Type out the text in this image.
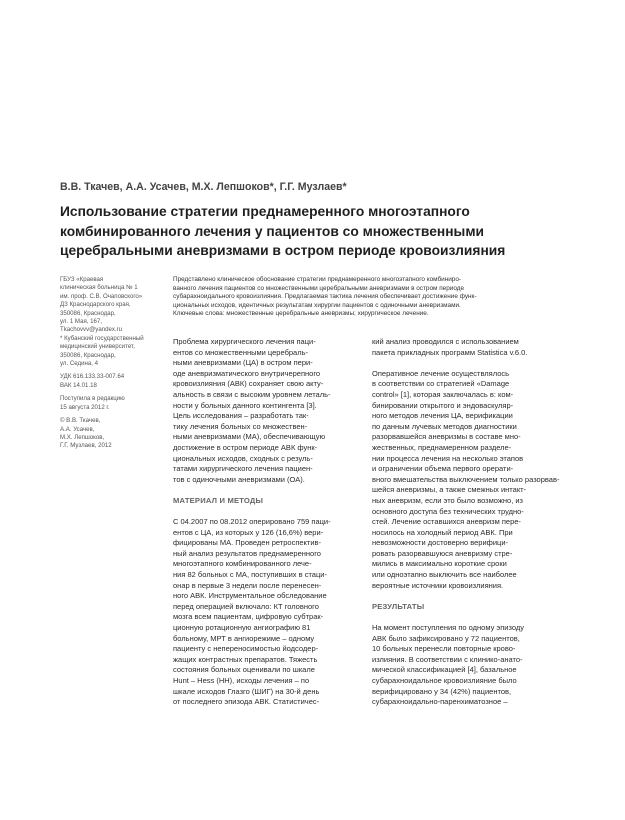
В.В. Ткачев, А.А. Усачев, М.Х. Лепшоков*, Г.Г. Музлаев*
Использование стратегии преднамеренного многоэтапного
комбинированного лечения у пациентов со множественными
церебральными аневризмами в остром периоде кровоизлияния
ГБУЗ «Краевая
клиническая больница № 1
им. проф. С.В. Очаповского»
ДЗ Краснодарского края,
350086, Краснодар,
ул. 1 Мая, 167,
Tkachovvv@yandex.ru
* Кубанский государственный
медицинский университет,
350086, Краснодар,
ул. Седина, 4
УДК 616.133.33-007.64
ВАК 14.01.18
Поступила в редакцию
15 августа 2012 г.
© В.В. Ткачев,
А.А. Усачев,
М.Х. Лепшоков,
Г.Г. Музлаев, 2012
Представлено клиническое обоснование стратегии преднамеренного многоэтапного комбиниро-
ванного лечения пациентов со множественными церебральными аневризмами в остром периоде
субарахноидального кровоизлияния. Предлагаемая тактика лечения обеспечивает достижение функ-
циональных исходов, идентичных результатам хирургии пациентов с одиночными аневризмами.
Ключевые слова: множественные церебральные аневризмы; хирургическое лечение.
Проблема хирургического лечения паци-
ентов со множественными церебраль-
ными аневризмами (ЦА) в остром пери-
оде аневризматического внутричерепного
кровоизлияния (АВК) сохраняет свою акту-
альность в связи с высоким уровнем леталь-
ности у больных данного контингента [3].
Цель исследования – разработать так-
тику лечения больных со множествен-
ными аневризмами (МА), обеспечивающую
достижение в остром периоде АВК функ-
циональных исходов, сходных с резуль-
татами хирургического лечения пациен-
тов с одиночными аневризмами (ОА).
МАТЕРИАЛ И МЕТОДЫ
С 04.2007 по 08.2012 оперировано 759 паци-
ентов с ЦА, из которых у 126 (16,6%) вери-
фицированы МА. Проведен ретроспектив-
ный анализ результатов преднамеренного
многоэтапного комбинированного лече-
ния 82 больных с МА, поступивших в стаци-
онар в первые 3 недели после перенесен-
ного АВК. Инструментальное обследование
перед операцией включало: КТ головного
мозга всем пациентам, цифровую субтрак-
ционную ротационную ангиографию 81
больному, МРТ в ангиорежиме – одному
пациенту с непереносимостью йодсодер-
жащих контрастных препаратов. Тяжесть
состояния больных оценивали по шкале
Hunt – Hess (HH), исходы лечения – по
шкале исходов Глазго (ШИГ) на 30-й день
от последнего эпизода АВК. Статистичес-
кий анализ проводился с использованием
пакета прикладных программ Statistica v.6.0.
Оперативное лечение осуществлялось
в соответствии со стратегией «Damage
control» [1], которая заключалась в: ком-
бинировании открытого и эндоваскуляр-
ного методов лечения ЦА, верификации
по данным лучевых методов диагностики
разорвавшейся аневризмы в составе мно-
жественных, преднамеренном разделе-
нии процесса лечения на несколько этапов
и ограничении объема первого opeрати-
вного вмешательства выключением только разорвав-
шейся аневризмы, а также смежных интакт-
ных аневризм, если это было возможно, из
основного доступа без технических трудно-
стей. Лечение оставшихся аневризм пере-
носилось на холодный период АВК. При
невозможности достоверно верифици-
ровать разорвавшуюся аневризму стре-
мились в максимально короткие сроки
или одноэтапно выключить все наиболее
вероятные источники кровоизлияния.
РЕЗУЛЬТАТЫ
На момент поступления по одному эпизоду
АВК было зафиксировано у 72 пациентов,
10 больных перенесли повторные крово-
излияния. В соответствии с клинико-анато-
мической классификацией [4], базальное
субарахноидальное кровоизлияние было
верифицировано у 34 (42%) пациентов,
субарахноидально-паренхиматозное –
